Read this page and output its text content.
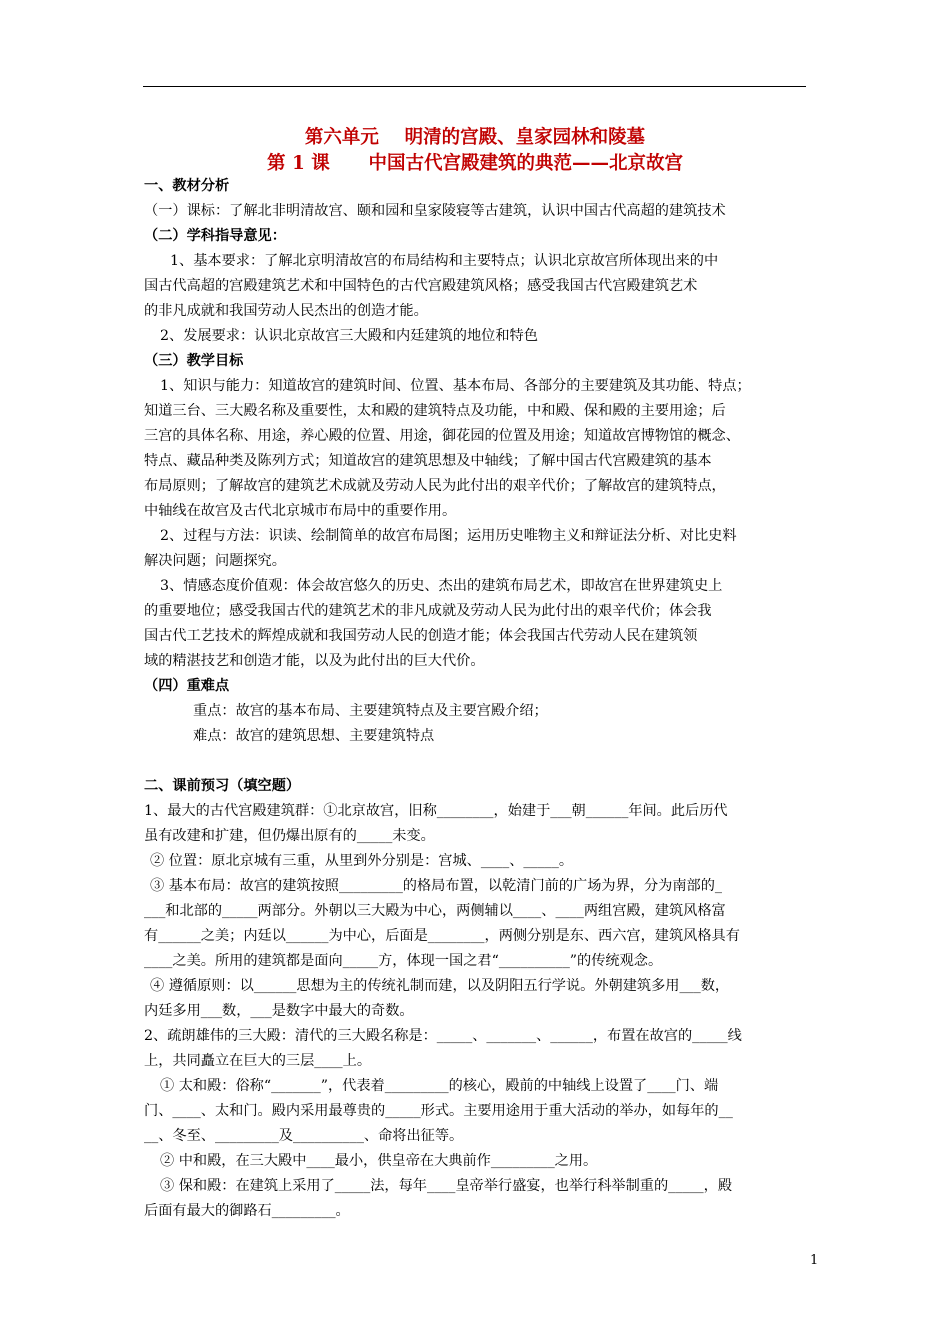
第六单元    明清的宫殿、皇家园林和陵墓
第 1 课      中国古代宫殿建筑的典范——北京故宫
一、教材分析
（一）课标：了解北非明清故宫、颐和园和皇家陵寝等古建筑，认识中国古代高超的建筑技术
（二）学科指导意见：
1、基本要求：了解北京明清故宫的布局结构和主要特点；认识北京故宫所体现出来的中
国古代高超的宫殿建筑艺术和中国特色的古代宫殿建筑风格；感受我国古代宫殿建筑艺术
的非凡成就和我国劳动人民杰出的创造才能。
2、发展要求：认识北京故宫三大殿和内廷建筑的地位和特色
（三）教学目标
1、知识与能力：知道故宫的建筑时间、位置、基本布局、各部分的主要建筑及其功能、特点；
知道三台、三大殿名称及重要性，太和殿的建筑特点及功能，中和殿、保和殿的主要用途；后
三宫的具体名称、用途，养心殿的位置、用途，御花园的位置及用途；知道故宫博物馆的概念、
特点、藏品种类及陈列方式；知道故宫的建筑思想及中轴线；了解中国古代宫殿建筑的基本
布局原则；了解故宫的建筑艺术成就及劳动人民为此付出的艰辛代价；了解故宫的建筑特点，
中轴线在故宫及古代北京城市布局中的重要作用。
2、过程与方法：识读、绘制简单的故宫布局图；运用历史唯物主义和辩证法分析、对比史料
解决问题；问题探究。
3、情感态度价值观：体会故宫悠久的历史、杰出的建筑布局艺术，即故宫在世界建筑史上
的重要地位；感受我国古代的建筑艺术的非凡成就及劳动人民为此付出的艰辛代价；体会我
国古代工艺技术的辉煌成就和我国劳动人民的创造才能；体会我国古代劳动人民在建筑领
域的精湛技艺和创造才能，以及为此付出的巨大代价。
（四）重难点
重点：故宫的基本布局、主要建筑特点及主要宫殿介绍；
难点：故宫的建筑思想、主要建筑特点
二、课前预习（填空题）
1、最大的古代宫殿建筑群：①北京故宫，旧称________，始建于___朝______年间。此后历代
虽有改建和扩建，但仍爆出原有的_____未变。
② 位置：原北京城有三重，从里到外分别是：宫城、____、_____。
③ 基本布局：故宫的建筑按照_________的格局布置，以乾清门前的广场为界，分为南部的_
___和北部的_____两部分。外朝以三大殿为中心，两侧辅以____、____两组宫殿，建筑风格富
有______之美；内廷以______为中心，后面是________，两侧分别是东、西六宫，建筑风格具有
____之美。所用的建筑都是面向_____方，体现一国之君“__________”的传统观念。
④ 遵循原则：以______思想为主的传统礼制而建，以及阴阳五行学说。外朝建筑多用___数，
内廷多用___数，___是数字中最大的奇数。
2、疏朗雄伟的三大殿：清代的三大殿名称是：_____、_______、______，布置在故宫的_____线
上，共同矗立在巨大的三层____上。
① 太和殿：俗称“_______”，代表着_________的核心，殿前的中轴线上设置了____门、端
门、____、太和门。殿内采用最尊贵的_____形式。主要用途用于重大活动的举办，如每年的__
__、冬至、_________及__________、命将出征等。
② 中和殿，在三大殿中____最小，供皇帝在大典前作_________之用。
③ 保和殿：在建筑上采用了_____法，每年____皇帝举行盛宴，也举行科举制重的_____，殿
后面有最大的御路石_________。
1
